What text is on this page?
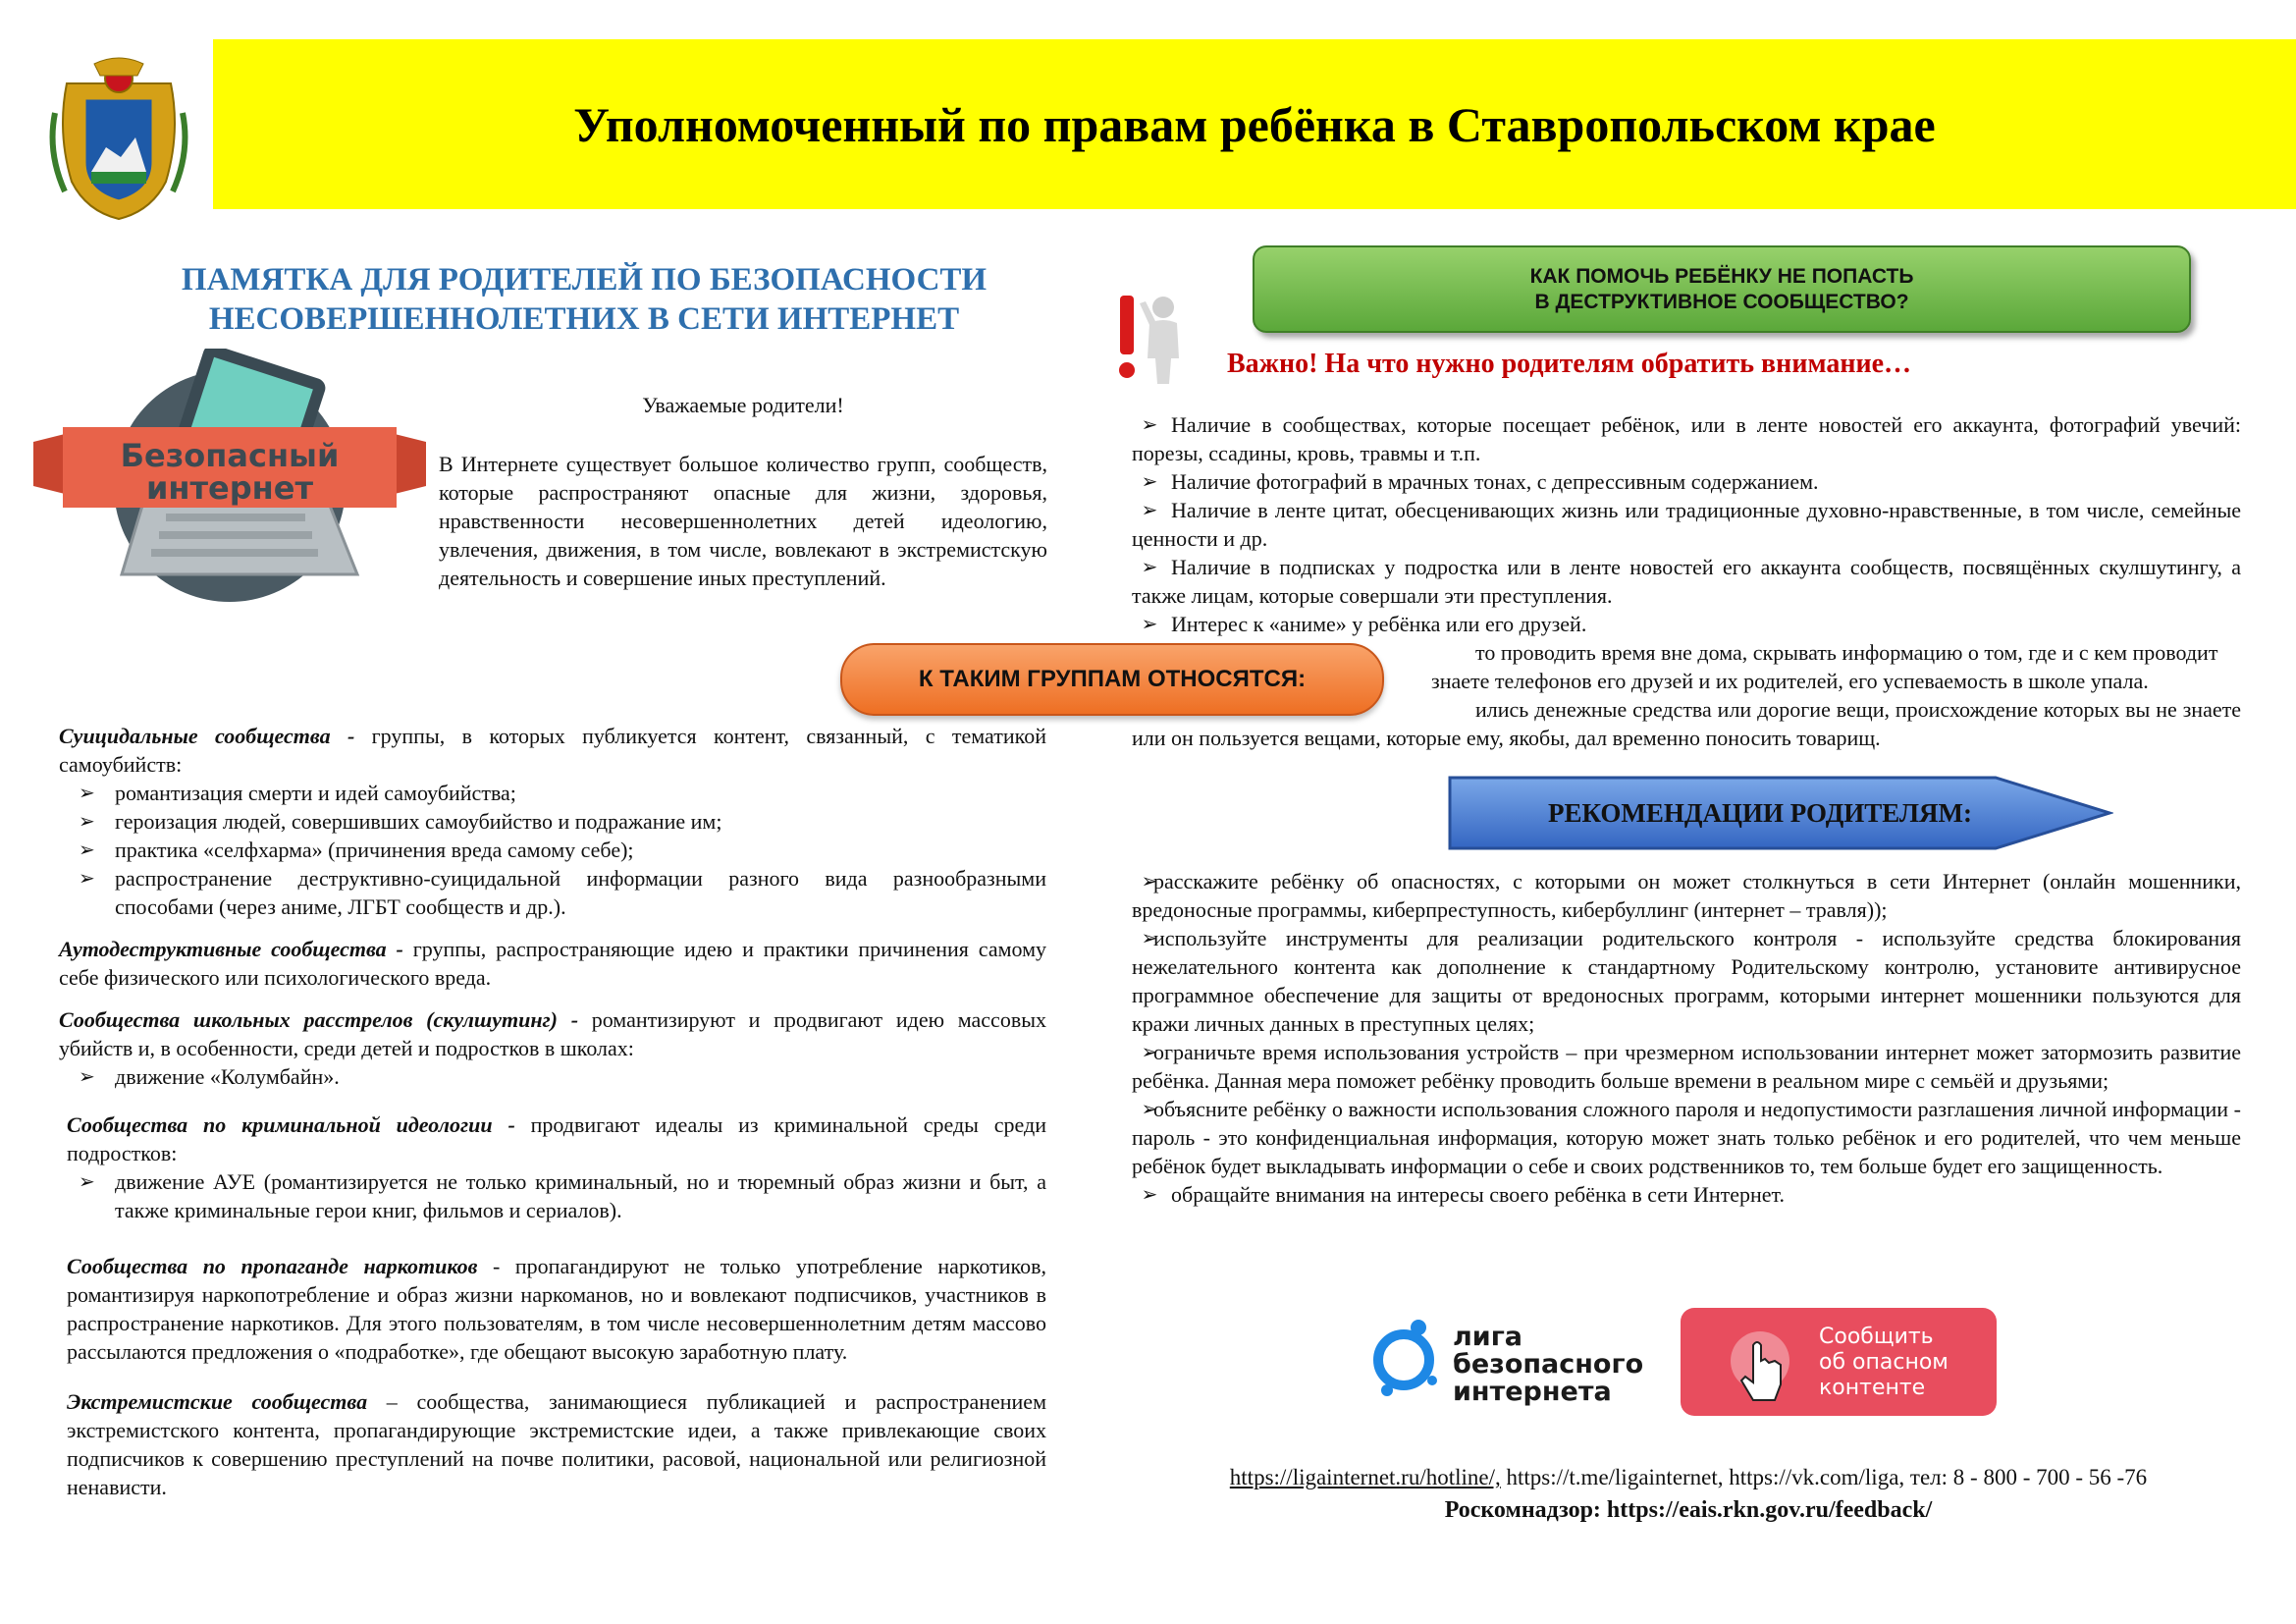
Уполномоченный по правам ребёнка в Ставропольском крае
ПАМЯТКА ДЛЯ РОДИТЕЛЕЙ ПО БЕЗОПАСНОСТИ
НЕСОВЕРШЕННОЛЕТНИХ В СЕТИ ИНТЕРНЕТ
Безопасный
интернет
Уважаемые родители!
В Интернете существует большое количество групп, сообществ, которые распространяют опасные для жизни, здоровья, нравственности несовершеннолетних детей идеологию, увлечения, движения, в том числе, вовлекают в экстремистскую деятельность и совершение иных преступлений.

Суицидальные сообщества - группы, в которых публикуется контент, связанный, с тематикой самоубийств:

➢ романтизация смерти и идей самоубийства;
➢ героизация людей, совершивших самоубийство и подражание им;
➢ практика «селфхарма» (причинения вреда самому себе);
➢ распространение деструктивно-суицидальной информации разного вида разнообразными способами (через аниме, ЛГБТ сообществ и др.).

Аутодеструктивные сообщества - группы, распространяющие идею и практики причинения самому себе физического или психологического вреда.

Сообщества школьных расстрелов (скулшутинг) - романтизируют и продвигают идею массовых убийств и, в особенности, среди детей и подростков в школах:

➢ движение «Колумбайн».

Сообщества по криминальной идеологии - продвигают идеалы из криминальной среды среди подростков:

➢ движение АУЕ (романтизируется не только криминальный, но и тюремный образ жизни и быт, а также криминальные герои книг, фильмов и сериалов).

Сообщества по пропаганде наркотиков - пропагандируют не только употребление наркотиков, романтизируя наркопотребление и образ жизни наркоманов, но и вовлекают подписчиков, участников в распространение наркотиков. Для этого пользователям, в том числе несовершеннолетним детям массово рассылаются предложения о «подработке», где обещают высокую заработную плату.

Экстремистские сообщества – сообщества, занимающиеся публикацией и распространением экстремистского контента, пропагандирующие экстремистские идеи, а также привлекающие своих подписчиков к совершению преступлений на почве политики, расовой, национальной или религиозной ненависти.

КАК ПОМОЧЬ РЕБЁНКУ НЕ ПОПАСТЬ
В ДЕСТРУКТИВНОЕ СООБЩЕСТВО?
Важно! На что нужно родителям обратить внимание…
➢ Наличие в сообществах, которые посещает ребёнок, или в ленте новостей его аккаунта, фотографий увечий: порезы, ссадины, кровь, травмы и т.п.
➢ Наличие фотографий в мрачных тонах, с депрессивным содержанием.
➢ Наличие в ленте цитат, обесценивающих жизнь или традиционные духовно-нравственные, в том числе, семейные ценности и др.
➢ Наличие в подписках у подростка или в ленте новостей его аккаунта сообществ, посвящённых скулшутингу, а также лицам, которые совершали эти преступления.
➢ Интерес к «аниме» у ребёнка или его друзей.
➢ то проводить время вне дома, скрывать информацию о том, где и с кем проводит
➢ знаете телефонов его друзей и их родителей, его успеваемость в школе упала.
➢ ились денежные средства или дорогие вещи, происхождение которых вы не знаете или он пользуется вещами, которые ему, якобы, дал временно поносить товарищ.
К ТАКИМ ГРУППАМ ОТНОСЯТСЯ:
РЕКОМЕНДАЦИИ РОДИТЕЛЯМ:
➢ расскажите ребёнку об опасностях, с которыми он может столкнуться в сети Интернет (онлайн мошенники, вредоносные программы, киберпреступность, кибербуллинг (интернет – травля));
➢ используйте инструменты для реализации родительского контроля - используйте средства блокирования нежелательного контента как дополнение к стандартному Родительскому контролю, установите антивирусное программное обеспечение для защиты от вредоносных программ, которыми интернет мошенники пользуются для кражи личных данных в преступных целях;
➢ ограничьте время использования устройств – при чрезмерном использовании интернет может затормозить развитие ребёнка. Данная мера поможет ребёнку проводить больше времени в реальном мире с семьёй и друзьями;
➢ объясните ребёнку о важности использования сложного пароля и недопустимости разглашения личной информации - пароль - это конфиденциальная информация, которую может знать только ребёнок и его родителей, что чем меньше ребёнок будет выкладывать информации о себе и своих родственников то, тем больше будет его защищенность.
➢ обращайте внимания на интересы своего ребёнка в сети Интернет.
лига
безопасного
интернета
Сообщить
об опасном
контенте
https://ligainternet.ru/hotline/, https://t.me/ligainternet, https://vk.com/liga, тел: 8 - 800 - 700 - 56 -76
Роскомнадзор: https://eais.rkn.gov.ru/feedback/
